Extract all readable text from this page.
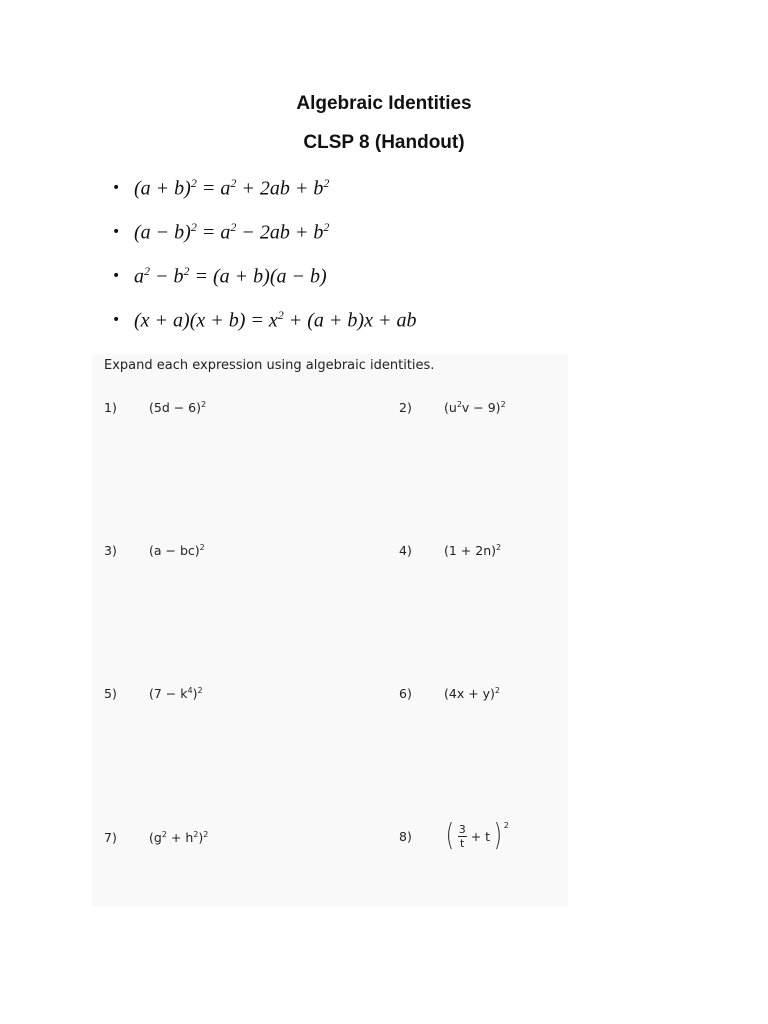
Algebraic Identities
CLSP 8 (Handout)
• $(a + b)^2 = a^2 + 2ab + b^2$
• $(a - b)^2 = a^2 - 2ab + b^2$
• $a^2 - b^2 = (a + b)(a - b)$
• $(x + a)(x + b) = x^2 + (a + b)x$ + ab
Expand each expression using algebraic identities.
1)	$(5d - 6)^2$	2)	$(u^2v - 9)^2$
3)	(a − bc)$^2$	4)	$(1 + 2n)^2$
5)	$(7 - k^4)^2$	6)	$(4x + y)^2$
7)	$(g^2 + h^2)^2$	8)	( $\frac{3}{t} + t$ )$^2$
